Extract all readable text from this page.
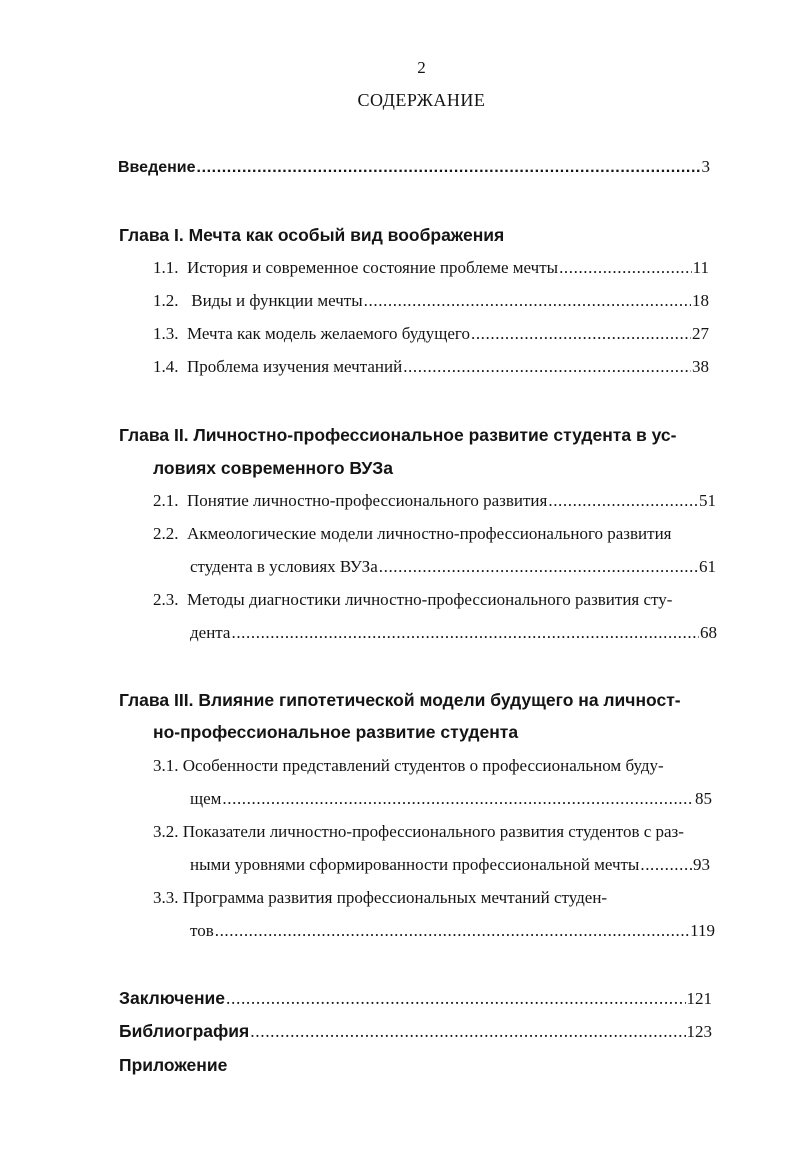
2
СОДЕРЖАНИЕ
Введение .....	3
Глава I. Мечта как особый вид воображения
1.1. История и современное состояние проблеме мечты .....	11
1.2. Виды и функции мечты .....	18
1.3. Мечта как модель желаемого будущего .....	27
1.4. Проблема изучения мечтаний .....	38
Глава II. Личностно-профессиональное развитие студента в ус-
ловиях современного ВУЗа
2.1. Понятие личностно-профессионального развития .....	51
2.2. Акмеологические модели личностно-профессионального развития
студента в условиях ВУЗа .....	61
2.3. Методы диагностики личностно-профессионального развития сту-
дента .....	68
Глава III. Влияние гипотетической модели будущего на личност-
но-профессиональное развитие студента
3.1. Особенности представлений студентов о профессиональном буду-
щем .....	85
3.2. Показатели личностно-профессионального развития студентов с раз-
ными уровнями сформированности профессиональной мечты .....	93
3.3. Программа развития профессиональных мечтаний студен-
тов .....	119
Заключение .....	121
Библиография .....	123
Приложение
